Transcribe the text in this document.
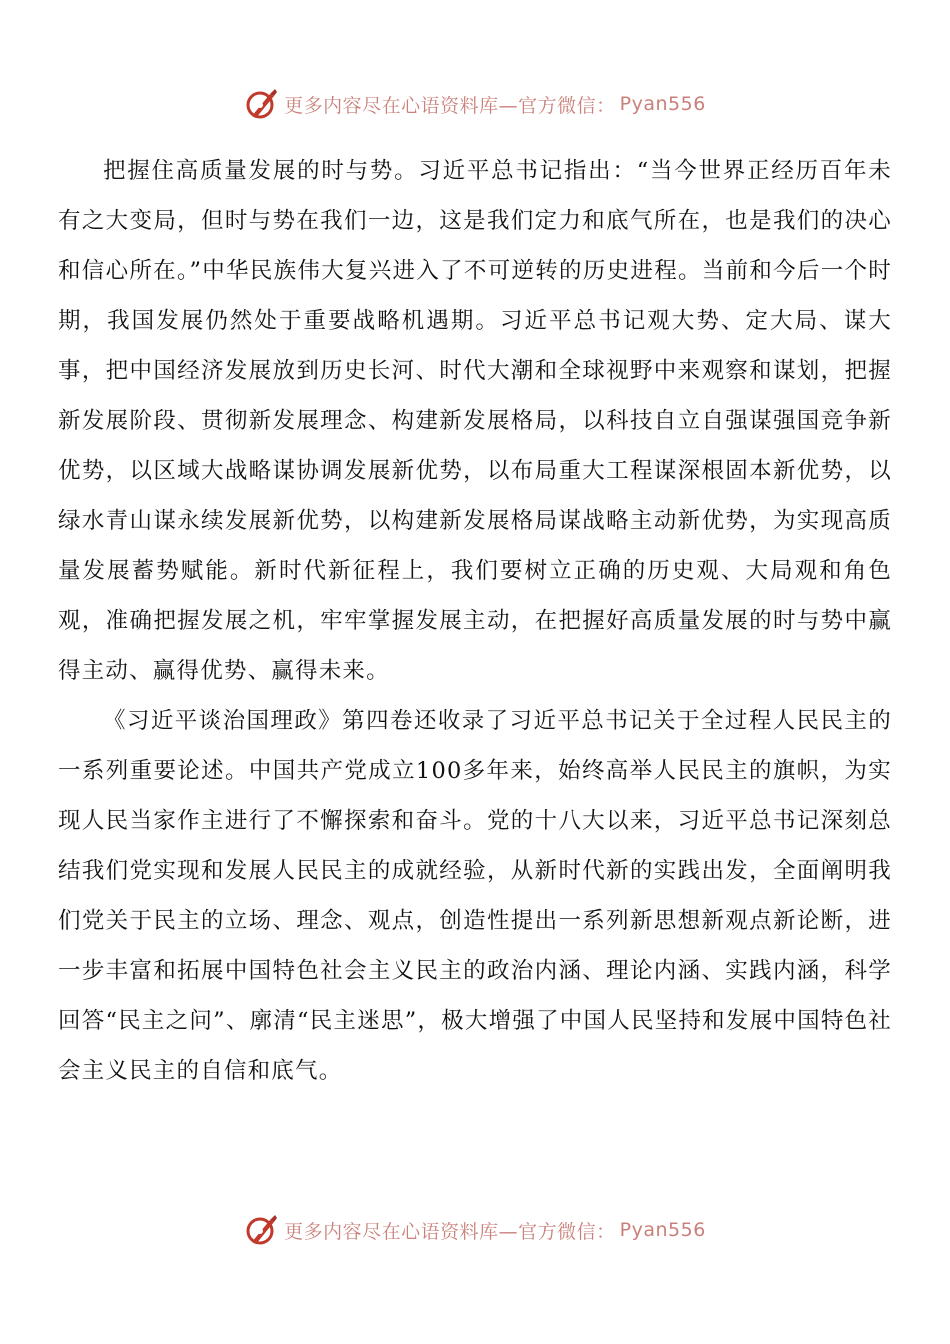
更多内容尽在心语资料库—官方微信： Pyan556

把握住高质量发展的时与势。习近平总书记指出：“当今世界正经历百年未有之大变局，但时与势在我们一边，这是我们定力和底气所在，也是我们的决心和信心所在。”中华民族伟大复兴进入了不可逆转的历史进程。当前和今后一个时期，我国发展仍然处于重要战略机遇期。习近平总书记观大势、定大局、谋大事，把中国经济发展放到历史长河、时代大潮和全球视野中来观察和谋划，把握新发展阶段、贯彻新发展理念、构建新发展格局，以科技自立自强谋强国竞争新优势，以区域大战略谋协调发展新优势，以布局重大工程谋深根固本新优势，以绿水青山谋永续发展新优势，以构建新发展格局谋战略主动新优势，为实现高质量发展蓄势赋能。新时代新征程上，我们要树立正确的历史观、大局观和角色观，准确把握发展之机，牢牢掌握发展主动，在把握好高质量发展的时与势中赢得主动、赢得优势、赢得未来。

《习近平谈治国理政》第四卷还收录了习近平总书记关于全过程人民民主的一系列重要论述。中国共产党成立100多年来，始终高举人民民主的旗帜，为实现人民当家作主进行了不懈探索和奋斗。党的十八大以来，习近平总书记深刻总结我们党实现和发展人民民主的成就经验，从新时代新的实践出发，全面阐明我们党关于民主的立场、理念、观点，创造性提出一系列新思想新观点新论断，进一步丰富和拓展中国特色社会主义民主的政治内涵、理论内涵、实践内涵，科学回答“民主之问”、廓清“民主迷思”，极大增强了中国人民坚持和发展中国特色社会主义民主的自信和底气。

更多内容尽在心语资料库—官方微信： Pyan556
